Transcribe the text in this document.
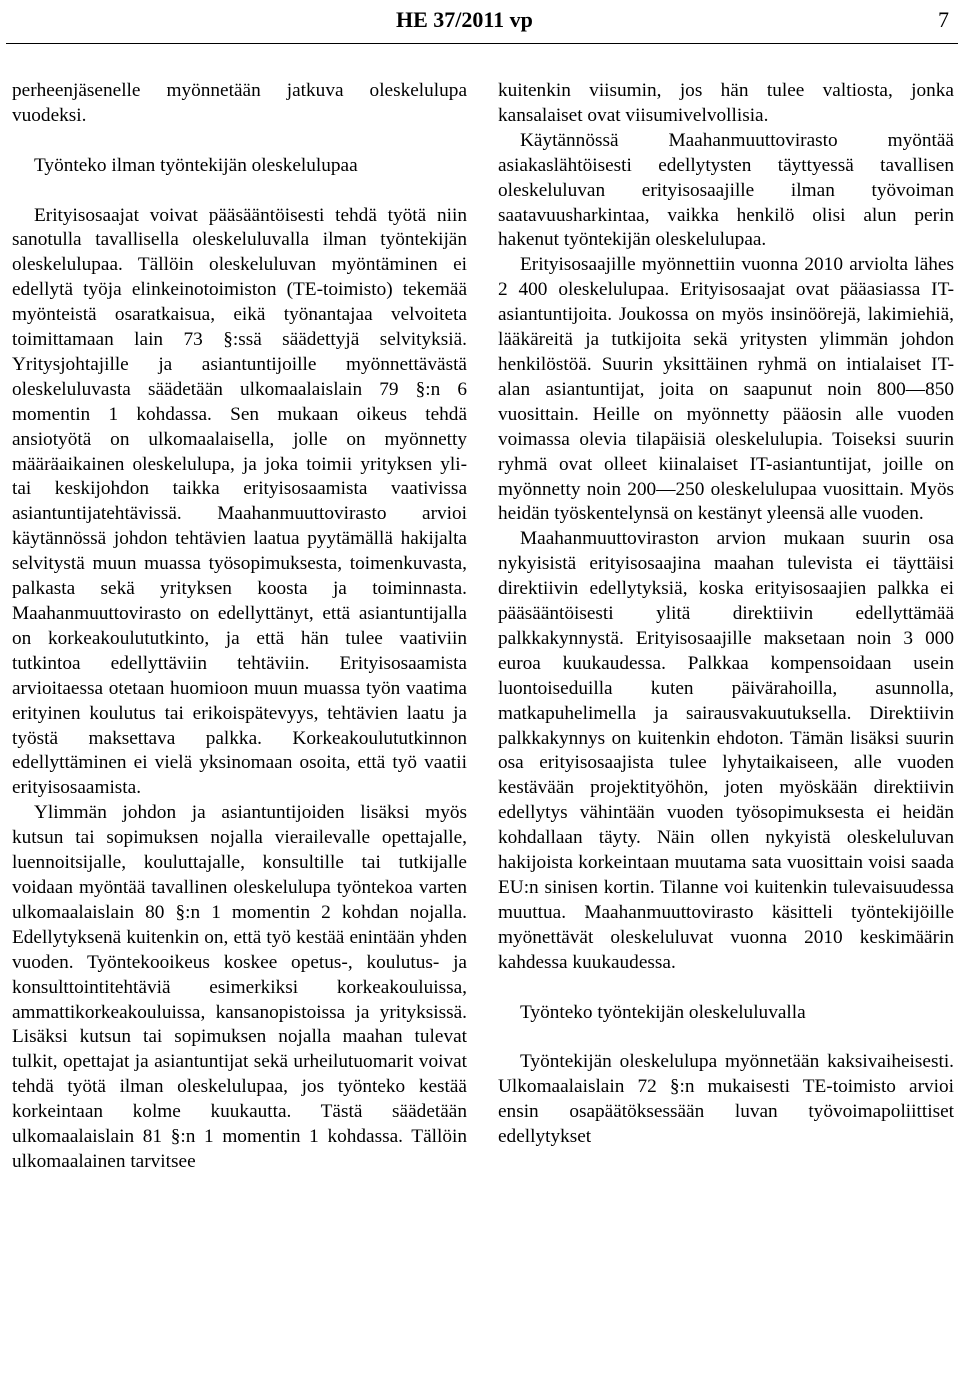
HE 37/2011 vp	7

perheenjäsenelle myönnetään jatkuva oleskelulupa vuodeksi.

Työnteko ilman työntekijän oleskelulupaa

Erityisosaajat voivat pääsääntöisesti tehdä työtä niin sanotulla tavallisella oleskeluluvalla ilman työntekijän oleskelulupaa. Tällöin oleskeluluvan myöntäminen ei edellytä työja elinkeinotoimiston (TE-toimisto) tekemää myönteistä osaratkaisua, eikä työnantajaa velvoiteta toimittamaan lain 73 §:ssä säädettyjä selvityksiä. Yritysjohtajille ja asiantuntijoille myönnettävästä oleskeluluvasta säädetään ulkomaalaislain 79 §:n 6 momentin 1 kohdassa. Sen mukaan oikeus tehdä ansiotyötä on ulkomaalaisella, jolle on myönnetty määräaikainen oleskelulupa, ja joka toimii yrityksen yli- tai keskijohdon taikka erityisosaamista vaativissa asiantuntijatehtävissä. Maahanmuuttovirasto arvioi käytännössä johdon tehtävien laatua pyytämällä hakijalta selvitystä muun muassa työsopimuksesta, toimenkuvasta, palkasta sekä yrityksen koosta ja toiminnasta. Maahanmuuttovirasto on edellyttänyt, että asiantuntijalla on korkeakoulututkinto, ja että hän tulee vaativiin tutkintoa edellyttäviin tehtäviin. Erityisosaamista arvioitaessa otetaan huomioon muun muassa työn vaatima erityinen koulutus tai erikoispätevyys, tehtävien laatu ja työstä maksettava palkka. Korkeakoulututkinnon edellyttäminen ei vielä yksinomaan osoita, että työ vaatii erityisosaamista.

Ylimmän johdon ja asiantuntijoiden lisäksi myös kutsun tai sopimuksen nojalla vierailevalle opettajalle, luennoitsijalle, kouluttajalle, konsultille tai tutkijalle voidaan myöntää tavallinen oleskelulupa työntekoa varten ulkomaalaislain 80 §:n 1 momentin 2 kohdan nojalla. Edellytyksenä kuitenkin on, että työ kestää enintään yhden vuoden. Työntekooikeus koskee opetus-, koulutus- ja konsulttointitehtäviä esimerkiksi korkeakouluissa, ammattikorkeakouluissa, kansanopistoissa ja yrityksissä. Lisäksi kutsun tai sopimuksen nojalla maahan tulevat tulkit, opettajat ja asiantuntijat sekä urheilutuomarit voivat tehdä työtä ilman oleskelulupaa, jos työnteko kestää korkeintaan kolme kuukautta. Tästä säädetään ulkomaalaislain 81 §:n 1 momentin 1 kohdassa. Tällöin ulkomaalainen tarvitsee

kuitenkin viisumin, jos hän tulee valtiosta, jonka kansalaiset ovat viisumivelvollisia.

Käytännössä Maahanmuuttovirasto myöntää asiakaslähtöisesti edellytysten täyttyessä tavallisen oleskeluluvan erityisosaajille ilman työvoiman saatavuusharkintaa, vaikka henkilö olisi alun perin hakenut työntekijän oleskelulupaa.

Erityisosaajille myönnettiin vuonna 2010 arviolta lähes 2 400 oleskelulupaa. Erityisosaajat ovat pääasiassa IT-asiantuntijoita. Joukossa on myös insinöörejä, lakimiehiä, lääkäreitä ja tutkijoita sekä yritysten ylimmän johdon henkilöstöä. Suurin yksittäinen ryhmä on intialaiset IT-alan asiantuntijat, joita on saapunut noin 800—850 vuosittain. Heille on myönnetty pääosin alle vuoden voimassa olevia tilapäisiä oleskelulupia. Toiseksi suurin ryhmä ovat olleet kiinalaiset IT-asiantuntijat, joille on myönnetty noin 200—250 oleskelulupaa vuosittain. Myös heidän työskentelynsä on kestänyt yleensä alle vuoden.

Maahanmuuttoviraston arvion mukaan suurin osa nykyisistä erityisosaajina maahan tulevista ei täyttäisi direktiivin edellytyksiä, koska erityisosaajien palkka ei pääsääntöisesti ylitä direktiivin edellyttämää palkkakynnystä. Erityisosaajille maksetaan noin 3 000 euroa kuukaudessa. Palkkaa kompensoidaan usein luontoiseduilla kuten päivärahoilla, asunnolla, matkapuhelimella ja sairausvakuutuksella. Direktiivin palkkakynnys on kuitenkin ehdoton. Tämän lisäksi suurin osa erityisosaajista tulee lyhytaikaiseen, alle vuoden kestävään projektityöhön, joten myöskään direktiivin edellytys vähintään vuoden työsopimuksesta ei heidän kohdallaan täyty. Näin ollen nykyistä oleskeluluvan hakijoista korkeintaan muutama sata vuosittain voisi saada EU:n sinisen kortin. Tilanne voi kuitenkin tulevaisuudessa muuttua. Maahanmuuttovirasto käsitteli työntekijöille myönettävät oleskeluluvat vuonna 2010 keskimäärin kahdessa kuukaudessa.

Työnteko työntekijän oleskeluluvalla

Työntekijän oleskelulupa myönnetään kaksivaiheisesti. Ulkomaalaislain 72 §:n mukaisesti TE-toimisto arvioi ensin osapäätöksessään luvan työvoimapoliittiset edellytykset
